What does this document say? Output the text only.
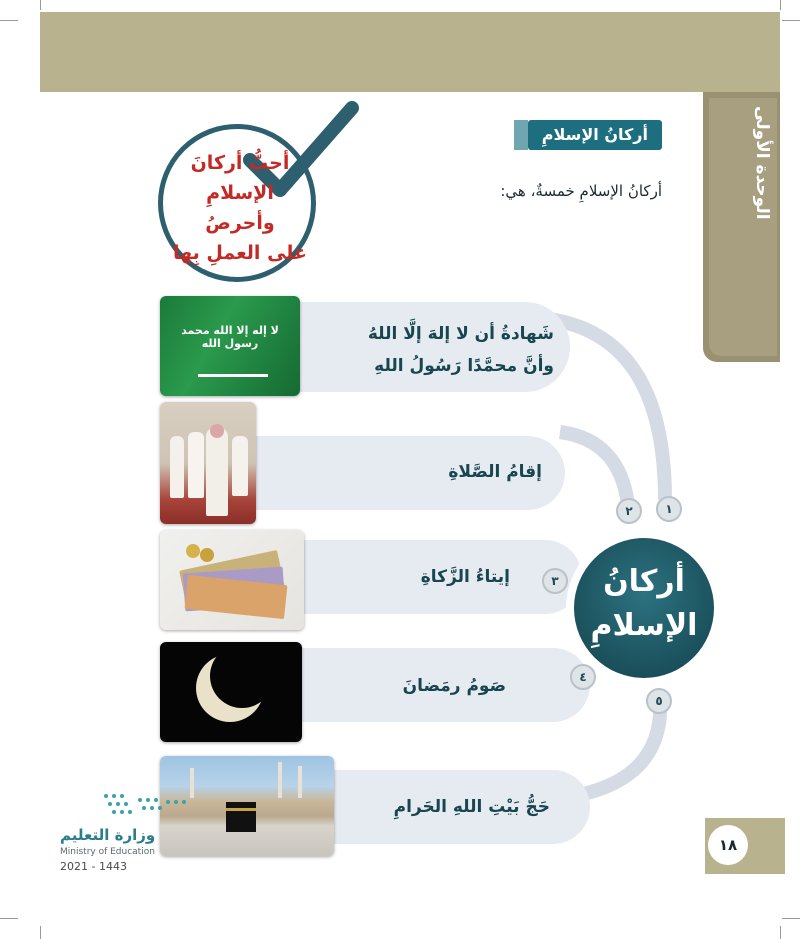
الوحدة الأولى
أركانُ الإسلامِ
أركانُ الإسلامِ خمسةٌ، هي:
أحبُّ أركانَ
الإسلامِ وأحرصُ
على العملِ بِها
شَهادةُ أن لا إلهَ إلَّا اللهُ
وأنَّ محمَّدًا رَسُولُ اللهِ
لا إله إلا الله محمد رسول الله
١
إقامُ الصَّلاةِ
٢
إيتاءُ الزَّكاةِ	٣
صَومُ رمَضانَ	٤
حَجُّ بَيْتِ اللهِ الحَرامِ
٥
أركانُ
الإسلامِ
١٨
وزارة التعليم
Ministry of Education
2021 - 1443
